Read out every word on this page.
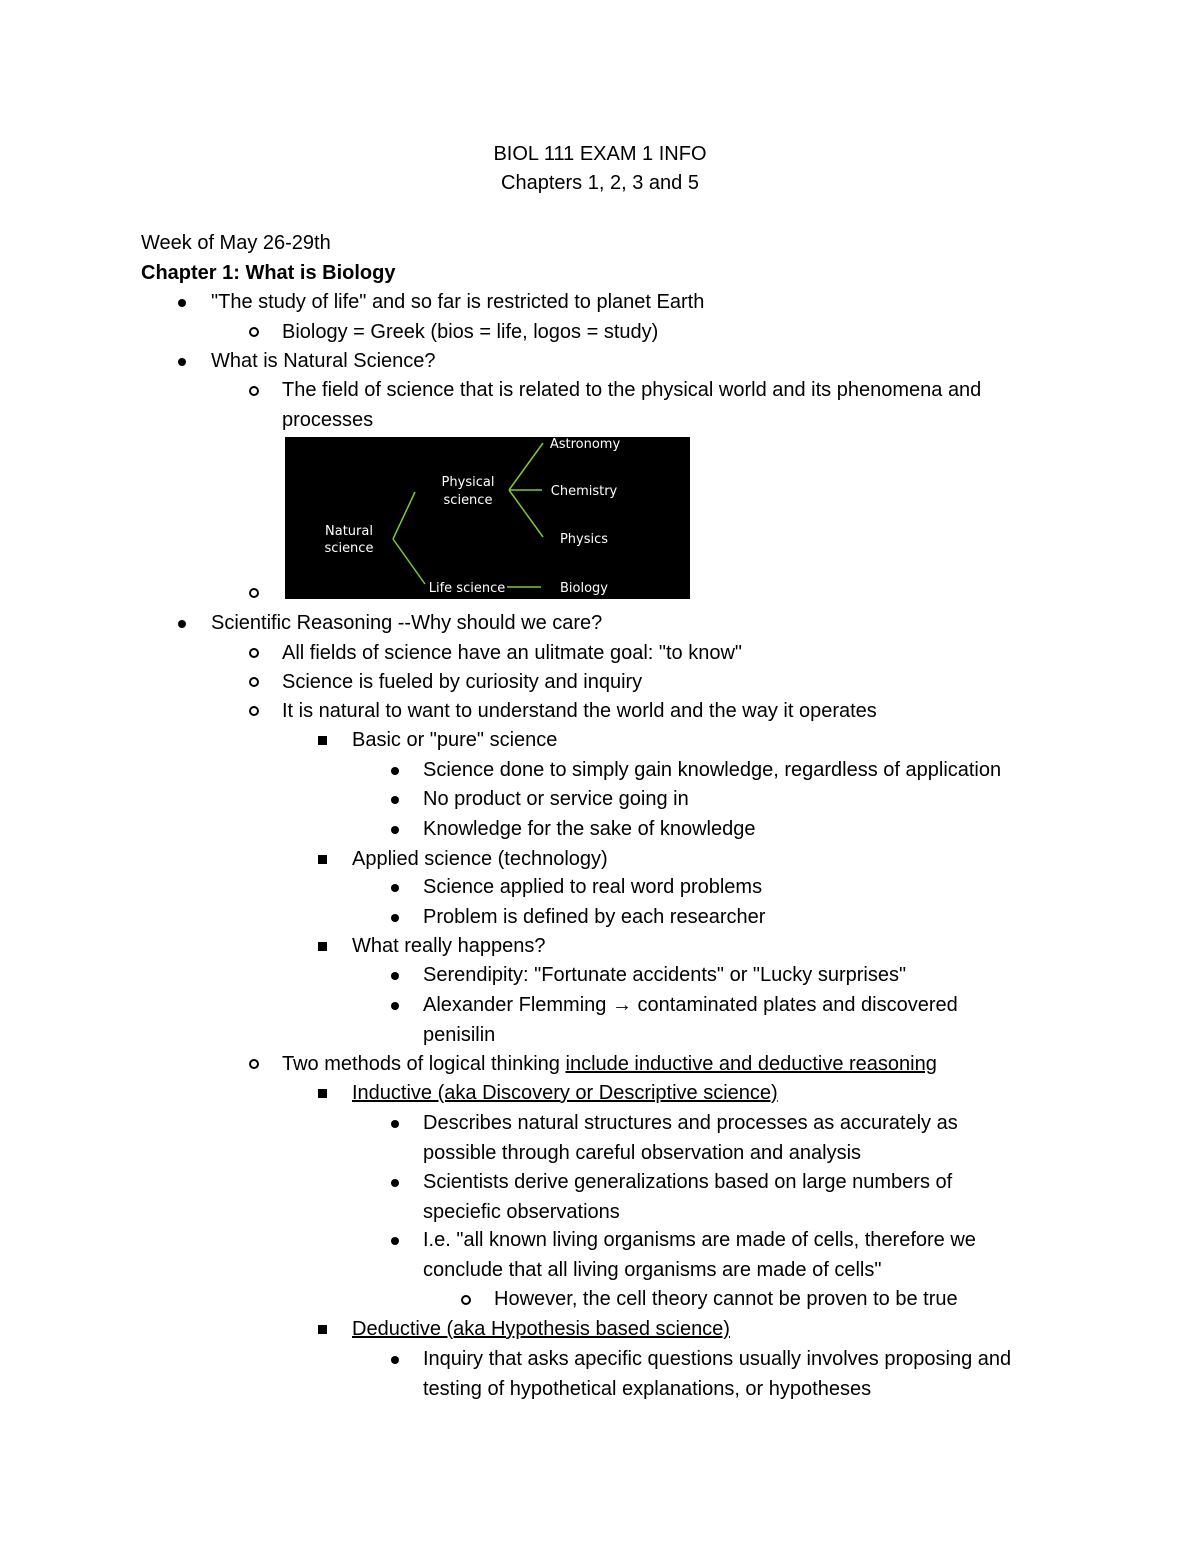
BIOL 111 EXAM 1 INFO
Chapters 1, 2, 3 and 5
Week of May 26-29th
Chapter 1: What is Biology
"The study of life" and so far is restricted to planet Earth
Biology = Greek (bios = life, logos = study)
What is Natural Science?
The field of science that is related to the physical world and its phenomena and
processes
Natural
science
Physical
science
Life science
Astronomy
Chemistry
Physics
Biology
Scientific Reasoning --Why should we care?
All fields of science have an ulitmate goal: "to know"
Science is fueled by curiosity and inquiry
It is natural to want to understand the world and the way it operates
Basic or "pure" science
Science done to simply gain knowledge, regardless of application
No product or service going in
Knowledge for the sake of knowledge
Applied science (technology)
Science applied to real word problems
Problem is defined by each researcher
What really happens?
Serendipity: "Fortunate accidents" or "Lucky surprises"
Alexander Flemming → contaminated plates and discovered
penisilin
Two methods of logical thinking include inductive and deductive reasoning
Inductive (aka Discovery or Descriptive science)
Describes natural structures and processes as accurately as
possible through careful observation and analysis
Scientists derive generalizations based on large numbers of
speciefic observations
I.e. "all known living organisms are made of cells, therefore we
conclude that all living organisms are made of cells"
However, the cell theory cannot be proven to be true
Deductive (aka Hypothesis based science)
Inquiry that asks apecific questions usually involves proposing and
testing of hypothetical explanations, or hypotheses
